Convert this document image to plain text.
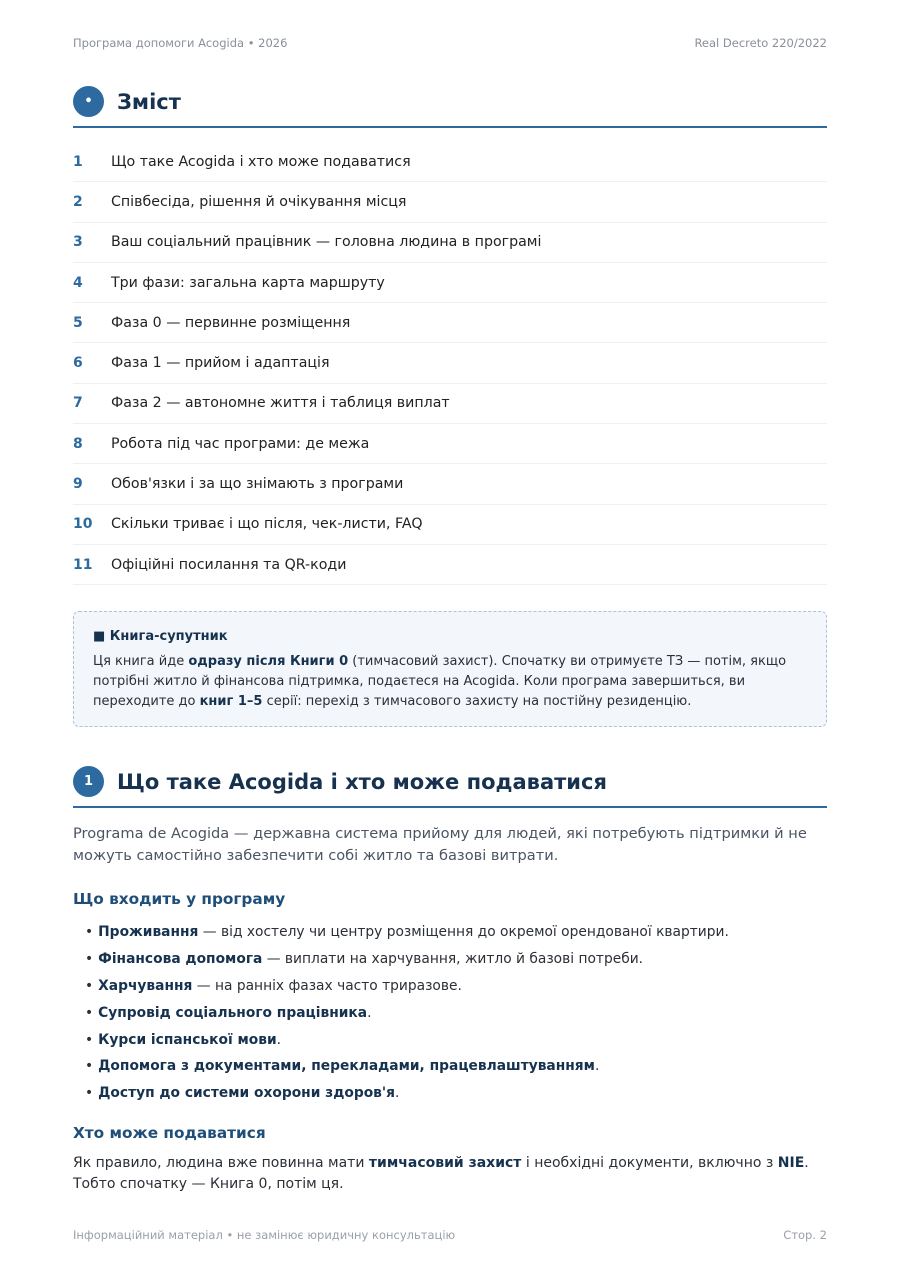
Програма допомоги Acogida • 2026	Real Decreto 220/2022
•	Зміст
1	Що таке Acogida і хто може подаватися
2	Співбесіда, рішення й очікування місця
3	Ваш соціальний працівник — головна людина в програмі
4	Три фази: загальна карта маршруту
5	Фаза 0 — первинне розміщення
6	Фаза 1 — прийом і адаптація
7	Фаза 2 — автономне життя і таблиця виплат
8	Робота під час програми: де межа
9	Обов'язки і за що знімають з програми
10	Скільки триває і що після, чек-листи, FAQ
11	Офіційні посилання та QR-коди
■ Книга-супутник
Ця книга йде одразу після Книги 0 (тимчасовий захист). Спочатку ви отримуєте ТЗ — потім, якщо потрібні житло й фінансова підтримка, подаєтеся на Acogida. Коли програма завершиться, ви переходите до книг 1–5 серії: перехід з тимчасового захисту на постійну резиденцію.
1	Що таке Acogida і хто може подаватися
Programa de Acogida — державна система прийому для людей, які потребують підтримки й не можуть самостійно забезпечити собі житло та базові витрати.
Що входить у програму
• Проживання — від хостелу чи центру розміщення до окремої орендованої квартири.
• Фінансова допомога — виплати на харчування, житло й базові потреби.
• Харчування — на ранніх фазах часто триразове.
• Супровід соціального працівника .
• Курси іспанської мови .
• Допомога з документами, перекладами, працевлаштуванням .
• Доступ до системи охорони здоров'я .
Хто може подаватися
Як правило, людина вже повинна мати тимчасовий захист і необхідні документи, включно з NIE. Тобто спочатку — Книга 0, потім ця.
Інформаційний матеріал • не замінює юридичну консультацію	Стор. 2
